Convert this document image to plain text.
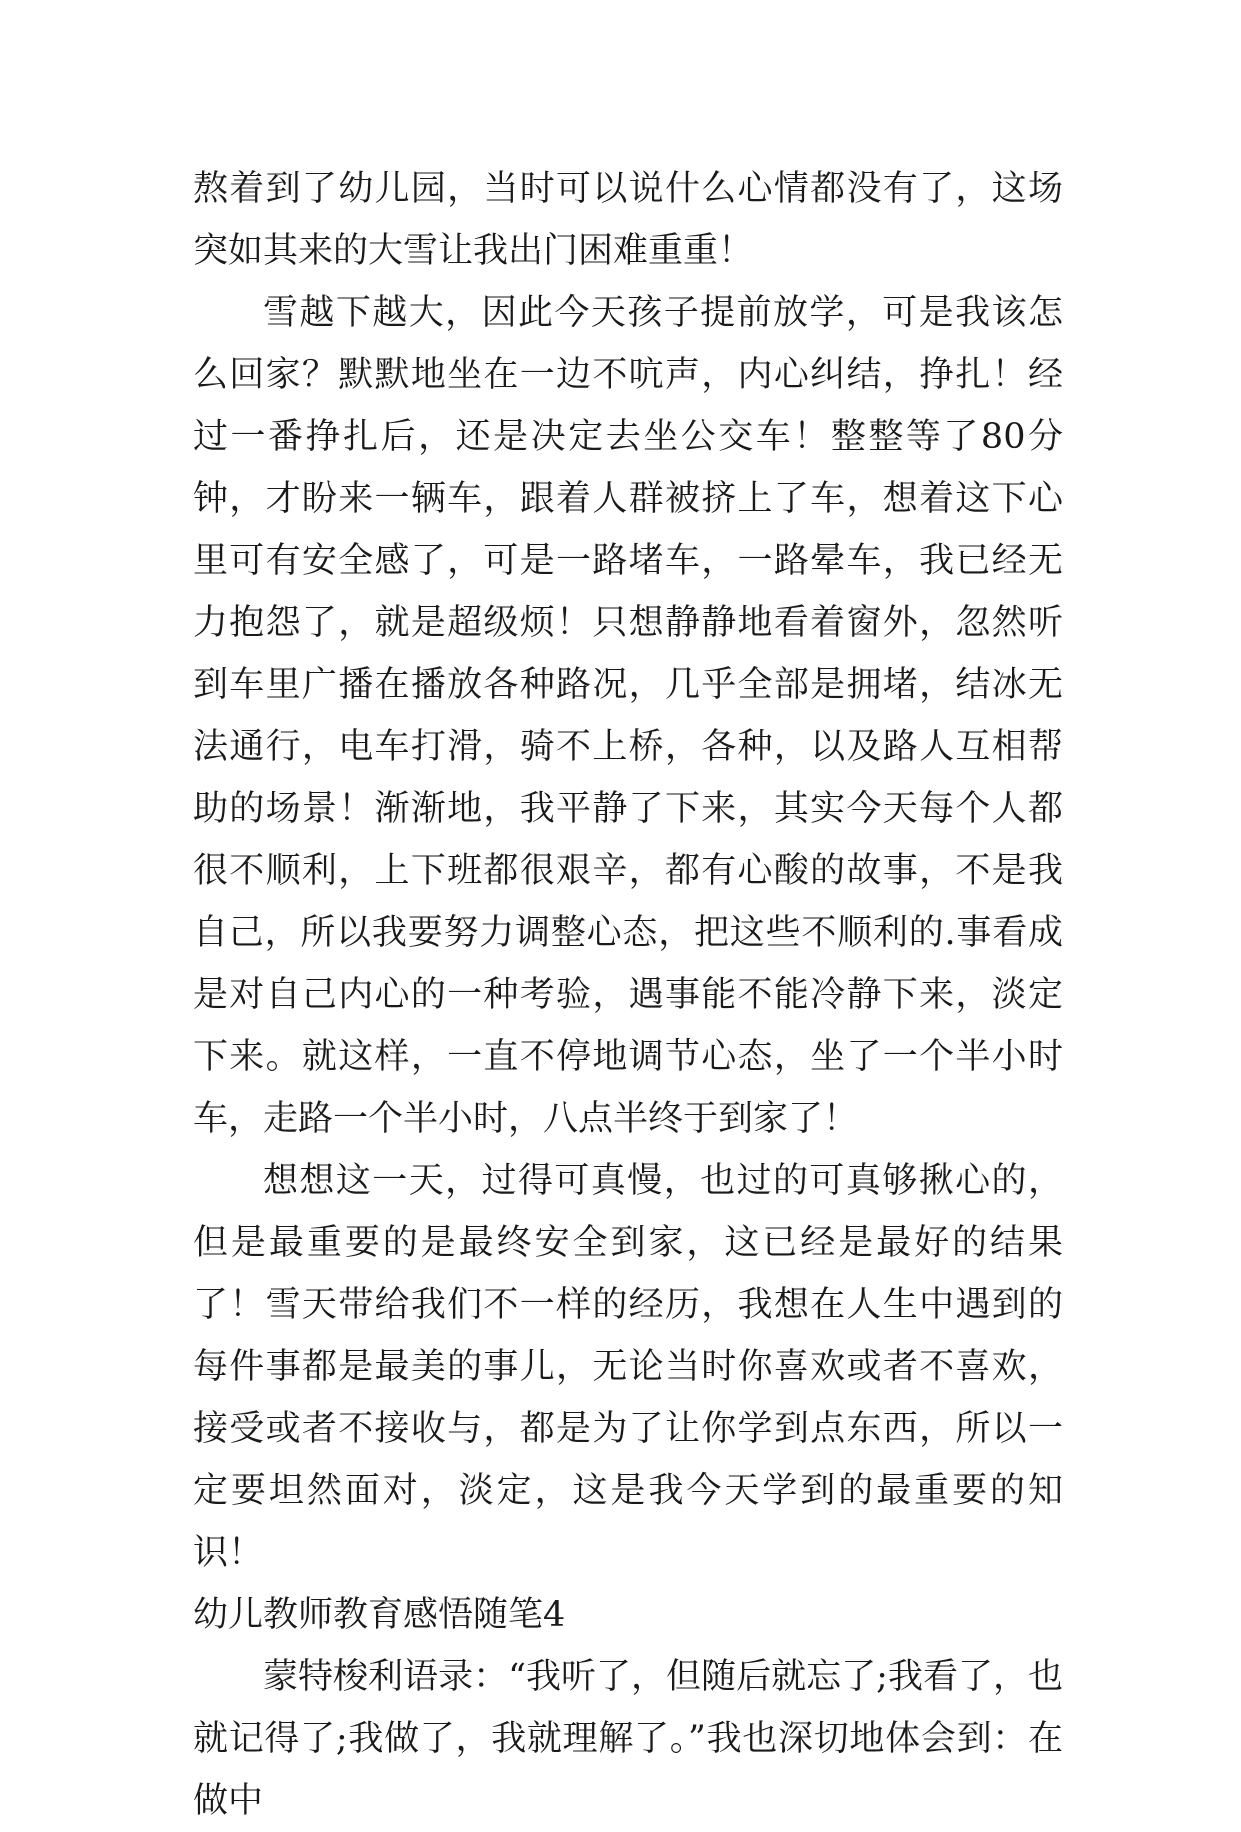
熬着到了幼儿园，当时可以说什么心情都没有了，这场突如其来的大雪让我出门困难重重！

雪越下越大，因此今天孩子提前放学，可是我该怎么回家？默默地坐在一边不吭声，内心纠结，挣扎！经过一番挣扎后，还是决定去坐公交车！整整等了80分钟，才盼来一辆车，跟着人群被挤上了车，想着这下心里可有安全感了，可是一路堵车，一路晕车，我已经无力抱怨了，就是超级烦！只想静静地看着窗外，忽然听到车里广播在播放各种路况，几乎全部是拥堵，结冰无法通行，电车打滑，骑不上桥，各种，以及路人互相帮助的场景！渐渐地，我平静了下来，其实今天每个人都很不顺利，上下班都很艰辛，都有心酸的故事，不是我自己，所以我要努力调整心态，把这些不顺利的.事看成是对自己内心的一种考验，遇事能不能冷静下来，淡定下来。就这样，一直不停地调节心态，坐了一个半小时车，走路一个半小时，八点半终于到家了！

想想这一天，过得可真慢，也过的可真够揪心的，但是最重要的是最终安全到家，这已经是最好的结果了！雪天带给我们不一样的经历，我想在人生中遇到的每件事都是最美的事儿，无论当时你喜欢或者不喜欢，接受或者不接收与，都是为了让你学到点东西，所以一定要坦然面对，淡定，这是我今天学到的最重要的知识！

幼儿教师教育感悟随笔4

蒙特梭利语录：“我听了，但随后就忘了;我看了，也就记得了;我做了，我就理解了。”我也深切地体会到：在做中
